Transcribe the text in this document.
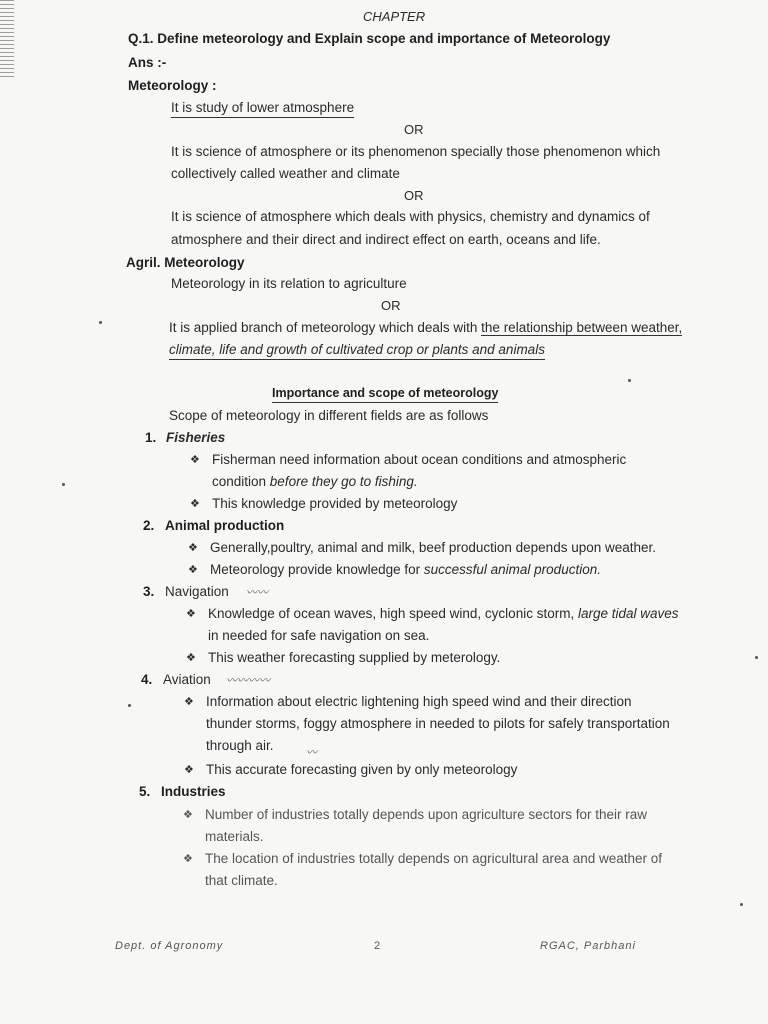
CHAPTER
Q.1. Define meteorology and Explain scope and importance of Meteorology
Ans :-
Meteorology :
It is study of lower atmosphere
OR
It is science of atmosphere or its phenomenon specially those phenomenon which
collectively called weather and climate
OR
It is science of atmosphere which deals with physics, chemistry and dynamics of
atmosphere and their direct and indirect effect on earth, oceans and life.
Agril. Meteorology
Meteorology in its relation to agriculture
OR
It is applied branch of meteorology which deals with the relationship between weather,
climate, life and growth of cultivated crop or plants and animals
Importance and scope of meteorology
Scope of meteorology in different fields are as follows
1. Fisheries
❖ Fisherman need information about ocean conditions and atmospheric
condition before they go to fishing.
❖ This knowledge provided by meteorology
2. Animal production
❖ Generally,poultry, animal and milk, beef production depends upon weather.
❖ Meteorology provide knowledge for successful animal production.
3. Navigation 〰〰
❖ Knowledge of ocean waves, high speed wind, cyclonic storm, large tidal waves
in needed for safe navigation on sea.
❖ This weather forecasting supplied by meterology.
4. Aviation 〰〰〰〰
❖ Information about electric lightening high speed wind and their direction
thunder storms, foggy atmosphere in needed to pilots for safely transportation
through air.	〰
❖ This accurate forecasting given by only meteorology
5. Industries
❖ Number of industries totally depends upon agriculture sectors for their raw
materials.
❖ The location of industries totally depends on agricultural area and weather of
that climate.
Dept. of Agronomy	2	RGAC, Parbhani
